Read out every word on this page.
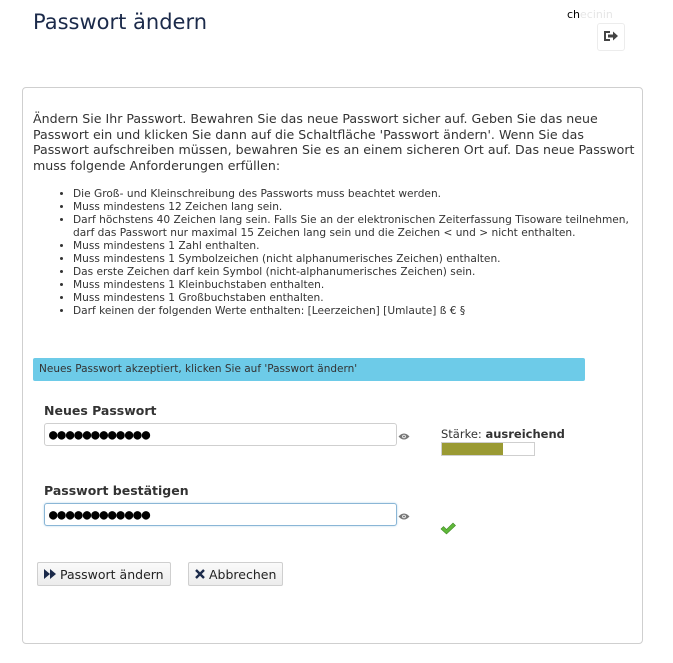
Passwort ändern	checinin

Ändern Sie Ihr Passwort. Bewahren Sie das neue Passwort sicher auf. Geben Sie das neue Passwort ein und klicken Sie dann auf die Schaltfläche 'Passwort ändern'. Wenn Sie das Passwort aufschreiben müssen, bewahren Sie es an einem sicheren Ort auf. Das neue Passwort muss folgende Anforderungen erfüllen:

• Die Groß- und Kleinschreibung des Passworts muss beachtet werden.
• Muss mindestens 12 Zeichen lang sein.
• Darf höchstens 40 Zeichen lang sein. Falls Sie an der elektronischen Zeiterfassung Tisoware teilnehmen, darf das Passwort nur maximal 15 Zeichen lang sein und die Zeichen < und > nicht enthalten.
• Muss mindestens 1 Zahl enthalten.
• Muss mindestens 1 Symbolzeichen (nicht alphanumerisches Zeichen) enthalten.
• Das erste Zeichen darf kein Symbol (nicht-alphanumerisches Zeichen) sein.
• Muss mindestens 1 Kleinbuchstaben enthalten.
• Muss mindestens 1 Großbuchstaben enthalten.
• Darf keinen der folgenden Werte enthalten: [Leerzeichen] [Umlaute] ß € §
Neues Passwort akzeptiert, klicken Sie auf 'Passwort ändern'
Neues Passwort
●●●●●●●●●●●●
Stärke: ausreichend
Passwort bestätigen
●●●●●●●●●●●●
Passwort ändern	Abbrechen
